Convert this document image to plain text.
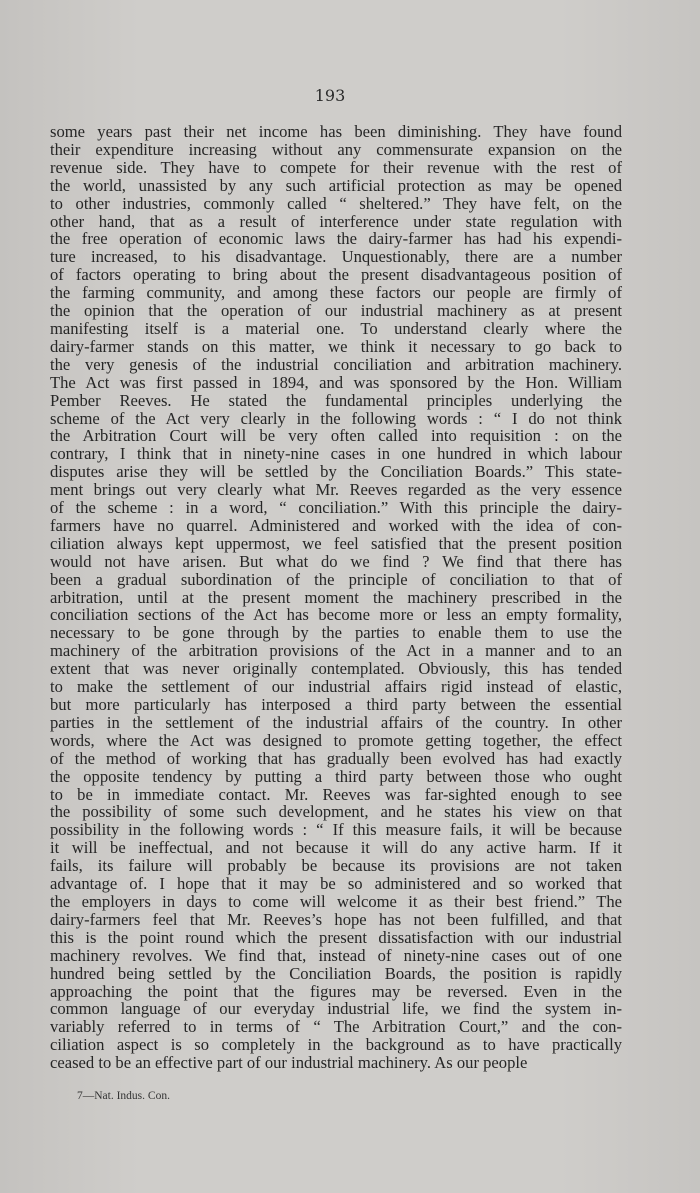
193
some years past their net income has been diminishing. They have found
their expenditure increasing without any commensurate expansion on the
revenue side. They have to compete for their revenue with the rest of
the world, unassisted by any such artificial protection as may be opened
to other industries, commonly called “ sheltered.” They have felt, on the
other hand, that as a result of interference under state regulation with
the free operation of economic laws the dairy-farmer has had his expendi-
ture increased, to his disadvantage. Unquestionably, there are a number
of factors operating to bring about the present disadvantageous position of
the farming community, and among these factors our people are firmly of
the opinion that the operation of our industrial machinery as at present
manifesting itself is a material one. To understand clearly where the
dairy-farmer stands on this matter, we think it necessary to go back to
the very genesis of the industrial conciliation and arbitration machinery.
The Act was first passed in 1894, and was sponsored by the Hon. William
Pember Reeves. He stated the fundamental principles underlying the
scheme of the Act very clearly in the following words : “ I do not think
the Arbitration Court will be very often called into requisition : on the
contrary, I think that in ninety-nine cases in one hundred in which labour
disputes arise they will be settled by the Conciliation Boards.” This state-
ment brings out very clearly what Mr. Reeves regarded as the very essence
of the scheme : in a word, “ conciliation.” With this principle the dairy-
farmers have no quarrel. Administered and worked with the idea of con-
ciliation always kept uppermost, we feel satisfied that the present position
would not have arisen. But what do we find ? We find that there has
been a gradual subordination of the principle of conciliation to that of
arbitration, until at the present moment the machinery prescribed in the
conciliation sections of the Act has become more or less an empty formality,
necessary to be gone through by the parties to enable them to use the
machinery of the arbitration provisions of the Act in a manner and to an
extent that was never originally contemplated. Obviously, this has tended
to make the settlement of our industrial affairs rigid instead of elastic,
but more particularly has interposed a third party between the essential
parties in the settlement of the industrial affairs of the country. In other
words, where the Act was designed to promote getting together, the effect
of the method of working that has gradually been evolved has had exactly
the opposite tendency by putting a third party between those who ought
to be in immediate contact. Mr. Reeves was far-sighted enough to see
the possibility of some such development, and he states his view on that
possibility in the following words : “ If this measure fails, it will be because
it will be ineffectual, and not because it will do any active harm. If it
fails, its failure will probably be because its provisions are not taken
advantage of. I hope that it may be so administered and so worked that
the employers in days to come will welcome it as their best friend.” The
dairy-farmers feel that Mr. Reeves’s hope has not been fulfilled, and that
this is the point round which the present dissatisfaction with our industrial
machinery revolves. We find that, instead of ninety-nine cases out of one
hundred being settled by the Conciliation Boards, the position is rapidly
approaching the point that the figures may be reversed. Even in the
common language of our everyday industrial life, we find the system in-
variably referred to in terms of “ The Arbitration Court,” and the con-
ciliation aspect is so completely in the background as to have practically
ceased to be an effective part of our industrial machinery. As our people
7—Nat. Indus. Con.
